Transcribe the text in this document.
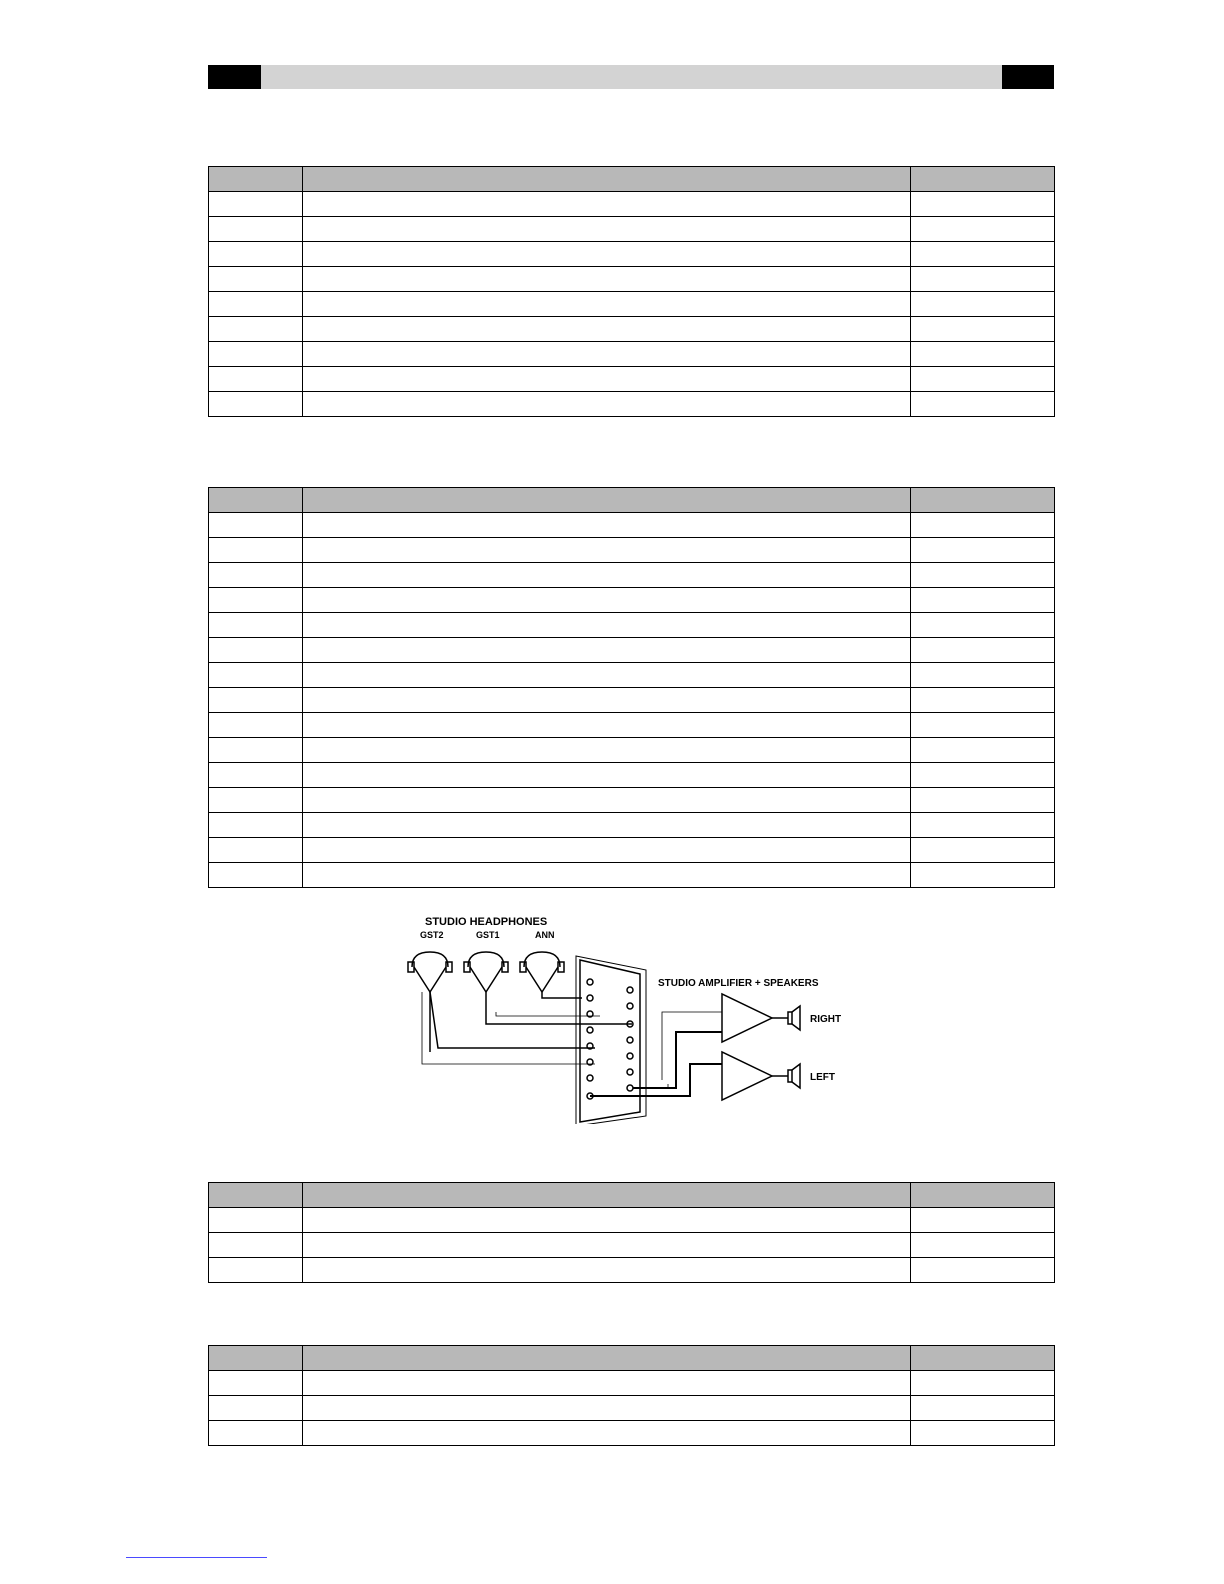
STUDIO HEADPHONES
GST2	GST1	ANN
STUDIO AMPLIFIER + SPEAKERS
RIGHT
LEFT
